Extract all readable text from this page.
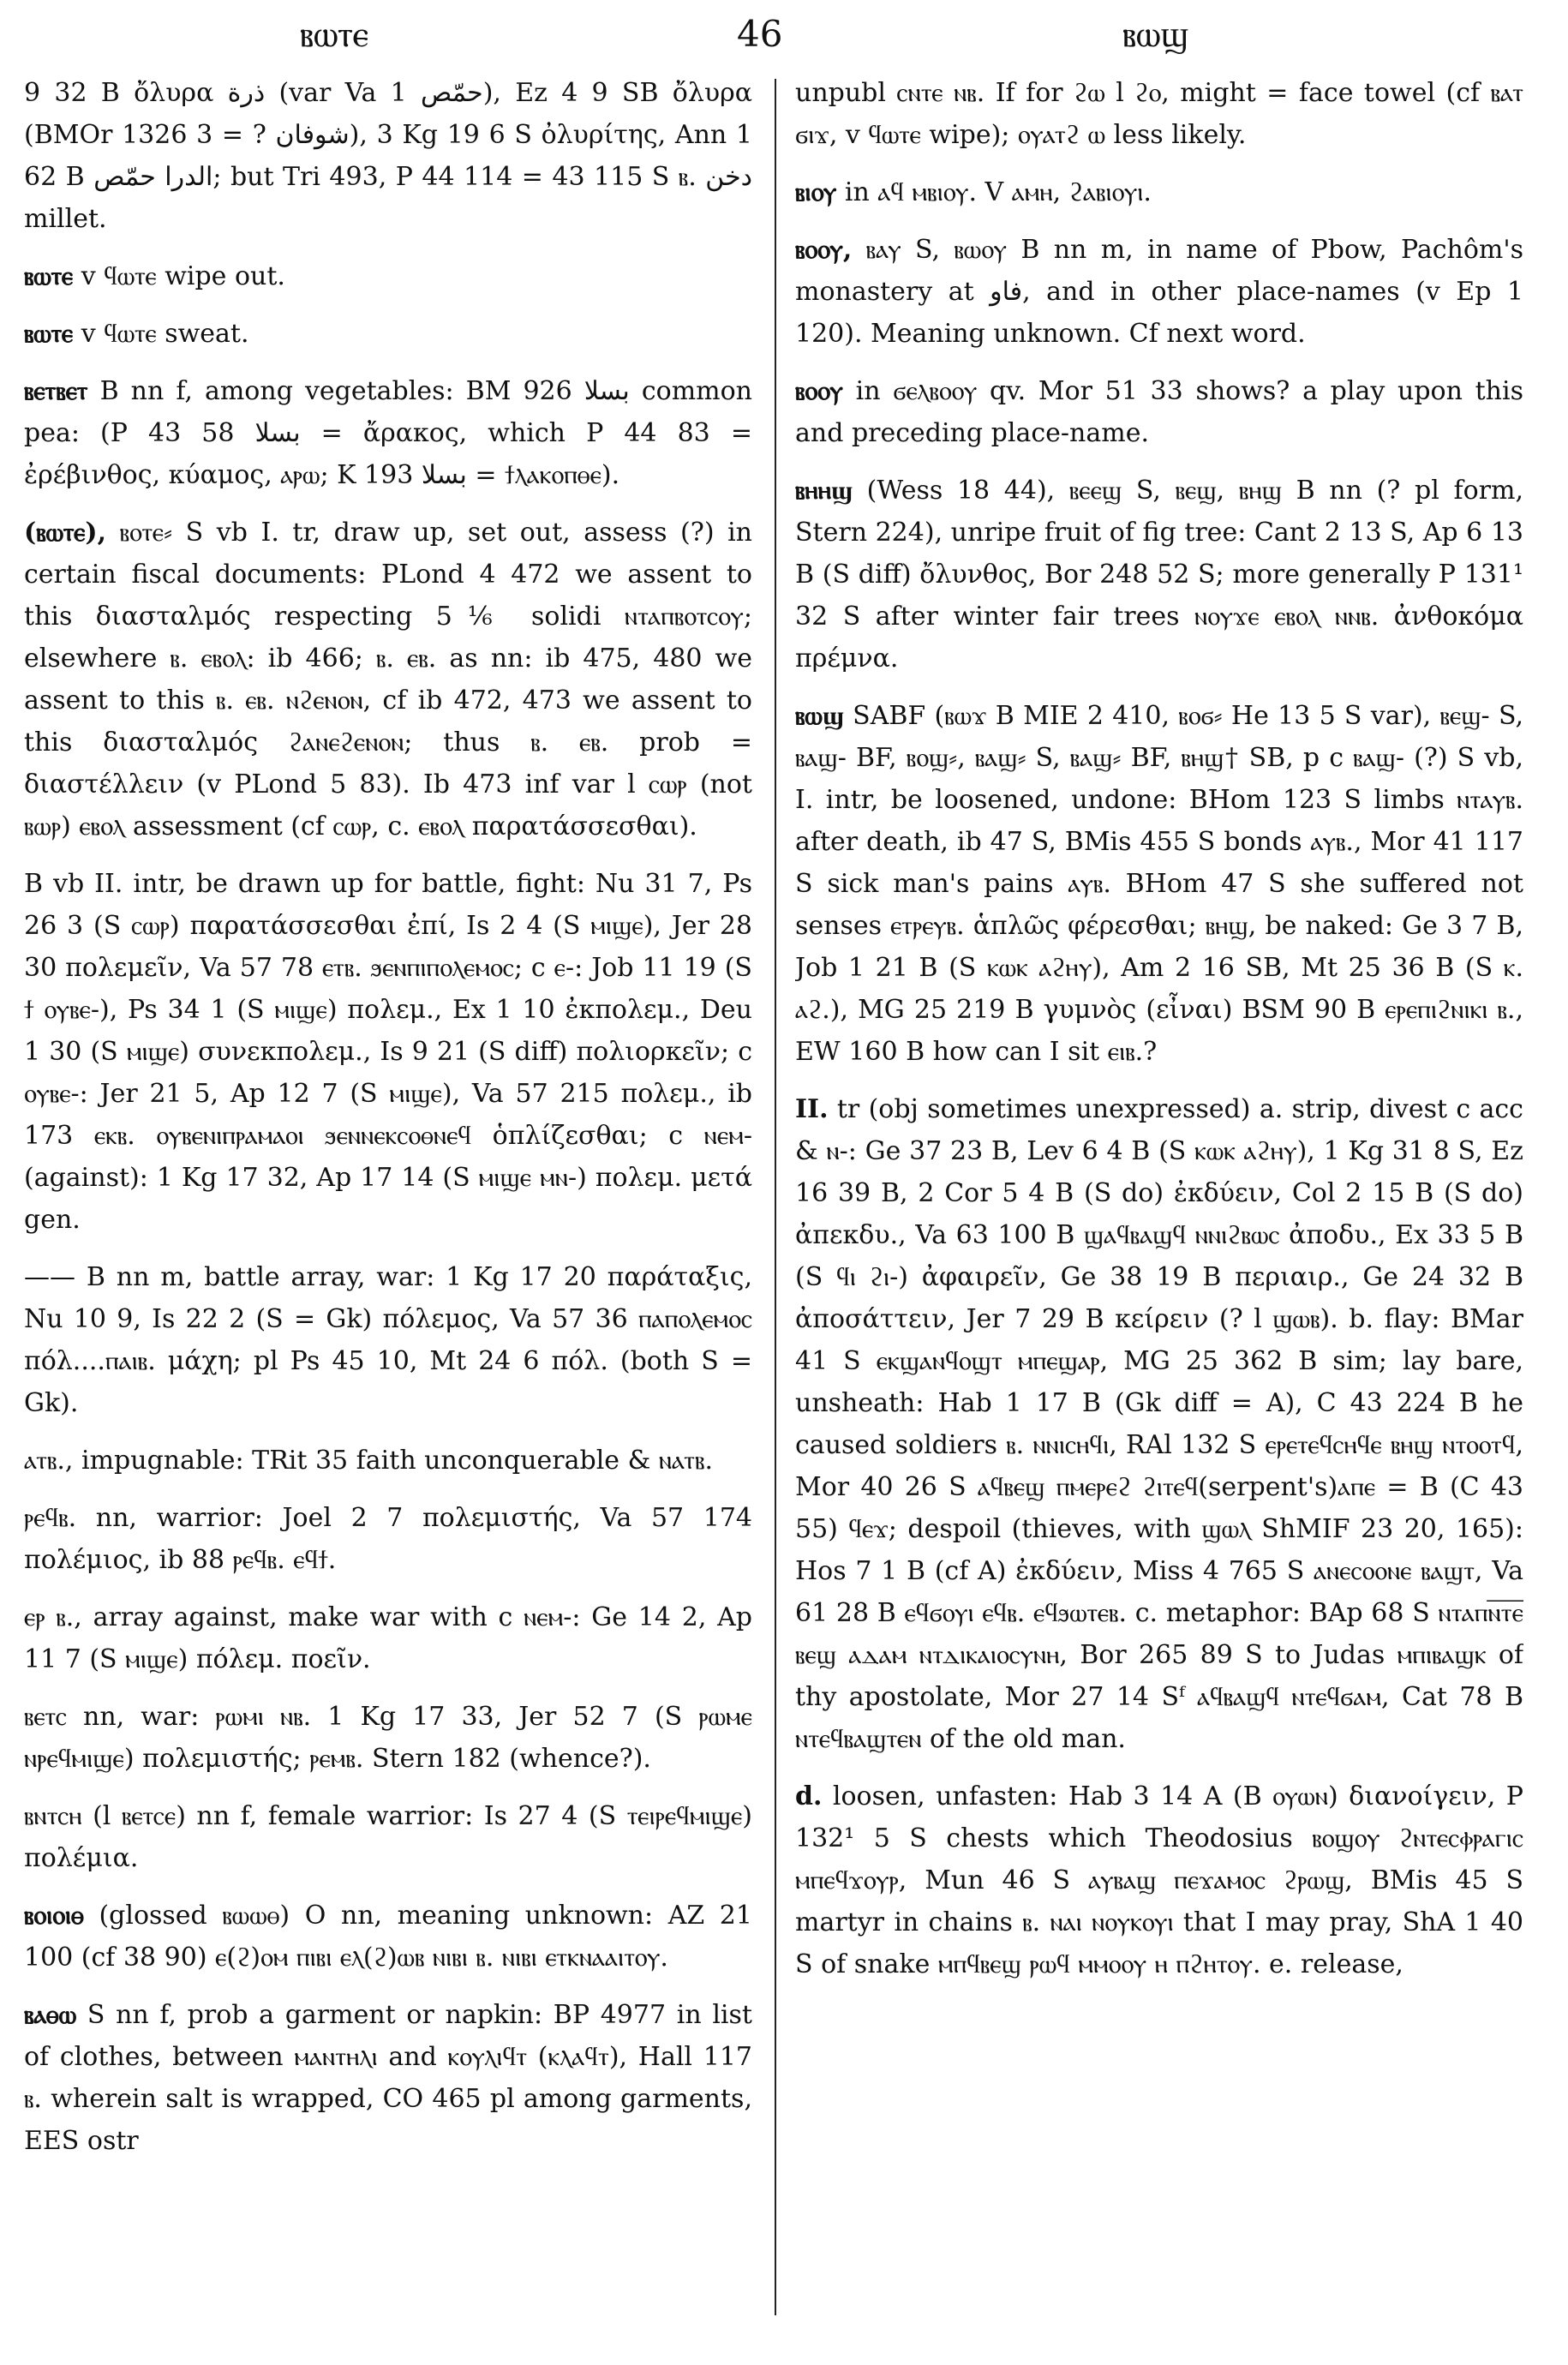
ⲃⲱⲧⲉ	46	ⲃⲱϣ

9 32 B ὄλυρα ذرة (var Va 1 حمّص), Ez 4 9 SB ὄλυρα (BMOr 1326 3 = ? شوفان), 3 Kg 19 6 S ὀλυρίτης, Ann 1 62 B الدرا حمّص; but Tri 493, P 44 114 = 43 115 S ⲃ. دخن millet.

ⲃⲱⲧⲉ v ϥⲱⲧⲉ wipe out.

ⲃⲱⲧⲉ v ϥⲱⲧⲉ sweat.

ⲃⲉⲧⲃⲉⲧ B nn f, among vegetables: BM 926 بسلا common pea: (P 43 58 بسلا = ἄρακος, which P 44 83 = ἐρέβινθος, κύαμος, ⲁⲣⲱ; K 193 بسلا = ϯⲗⲁⲕⲟⲡⲑⲉ).

(ⲃⲱⲧⲉ), ⲃⲟⲧⲉ⸗ S vb I. tr, draw up, set out, assess (?) in certain fiscal documents: PLond 4 472 we assent to this διασταλμός respecting 5⅙ solidi ⲛⲧⲁⲡⲃⲟⲧⲥⲟⲩ; elsewhere ⲃ. ⲉⲃⲟⲗ: ib 466; ⲃ. ⲉⲃ. as nn: ib 475, 480 we assent to this ⲃ. ⲉⲃ. ⲛϩⲉⲛⲟⲛ, cf ib 472, 473 we assent to this διασταλμός ϩⲁⲛⲉϩⲉⲛⲟⲛ; thus ⲃ. ⲉⲃ. prob = διαστέλλειν (v PLond 5 83). Ib 473 inf var l ⲥⲱⲣ (not ⲃⲱⲣ) ⲉⲃⲟⲗ assessment (cf ⲥⲱⲣ, c. ⲉⲃⲟⲗ παρατάσσεσθαι).

B vb II. intr, be drawn up for battle, fight: Nu 31 7, Ps 26 3 (S ⲥⲱⲣ) παρατάσσεσθαι ἐπί, Is 2 4 (S ⲙⲓϣⲉ), Jer 28 30 πολεμεῖν, Va 57 78 ⲉⲧⲃ. ϧⲉⲛⲡⲓⲡⲟⲗⲉⲙⲟⲥ; c ⲉ-: Job 11 19 (S ϯ ⲟⲩⲃⲉ-), Ps 34 1 (S ⲙⲓϣⲉ) πολεμ., Ex 1 10 ἐκπολεμ., Deu 1 30 (S ⲙⲓϣⲉ) συνεκπολεμ., Is 9 21 (S diff) πολιορκεῖν; c ⲟⲩⲃⲉ-: Jer 21 5, Ap 12 7 (S ⲙⲓϣⲉ), Va 57 215 πολεμ., ib 173 ⲉⲕⲃ. ⲟⲩⲃⲉⲛⲓⲡⲣⲁⲙⲁⲟⲓ ϧⲉⲛⲛⲉⲕⲥⲟⲑⲛⲉϥ ὁπλίζεσθαι; c ⲛⲉⲙ- (against): 1 Kg 17 32, Ap 17 14 (S ⲙⲓϣⲉ ⲙⲛ-) πολεμ. μετά gen.

—— B nn m, battle array, war: 1 Kg 17 20 παράταξις, Nu 10 9, Is 22 2 (S = Gk) πόλεμος, Va 57 36 ⲡⲁⲡⲟⲗⲉⲙⲟⲥ πόλ....ⲡⲁⲓⲃ. μάχη; pl Ps 45 10, Mt 24 6 πόλ. (both S = Gk).

ⲁⲧⲃ., impugnable: TRit 35 faith unconquerable & ⲛⲁⲧⲃ.

ⲣⲉϥⲃ. nn, warrior: Joel 2 7 πολεμιστής, Va 57 174 πολέμιος, ib 88 ⲣⲉϥⲃ. ⲉϥϯ.

ⲉⲣ ⲃ., array against, make war with c ⲛⲉⲙ-: Ge 14 2, Ap 11 7 (S ⲙⲓϣⲉ) πόλεμ. ποεῖν.

ⲃⲉⲧⲥ nn, war: ⲣⲱⲙⲓ ⲛⲃ. 1 Kg 17 33, Jer 52 7 (S ⲣⲱⲙⲉ ⲛⲣⲉϥⲙⲓϣⲉ) πολεμιστής; ⲣⲉⲙⲃ. Stern 182 (whence?).

ⲃⲛⲧⲥⲏ (l ⲃⲉⲧⲥⲉ) nn f, female warrior: Is 27 4 (S ⲧⲉⲓⲣⲉϥⲙⲓϣⲉ) πολέμια.

ⲃⲟⲓⲟⲓⲑ (glossed ⲃⲱⲱⲑ) O nn, meaning unknown: AZ 21 100 (cf 38 90) ⲉ(ϩ)ⲟⲙ ⲡⲓⲃⲓ ⲉⲗ(ϩ)ⲱⲃ ⲛⲓⲃⲓ ⲃ. ⲛⲓⲃⲓ ⲉⲧⲕⲛⲁⲁⲓⲧⲟⲩ.

ⲃⲁⲑⲱ S nn f, prob a garment or napkin: BP 4977 in list of clothes, between ⲙⲁⲛⲧⲏⲗⲓ and ⲕⲟⲩⲗⲓϥⲧ (ⲕⲗⲁϥⲧ), Hall 117 ⲃ. wherein salt is wrapped, CO 465 pl among garments, EES ostr

unpubl ⲥⲛⲧⲉ ⲛⲃ. If for ϩⲱ l ϩⲟ, might = face towel (cf ⲃⲁⲧ ϭⲓϫ, v ϥⲱⲧⲉ wipe); ⲟⲩⲁⲧϩ ⲱ less likely.

ⲃⲓⲟⲩ in ⲁϥ ⲙⲃⲓⲟⲩ. V ⲁⲙⲏ, ϩⲁⲃⲓⲟⲩⲓ.

ⲃⲟⲟⲩ, ⲃⲁⲩ S, ⲃⲱⲟⲩ B nn m, in name of Pbow, Pachôm's monastery at فاو, and in other place-names (v Ep 1 120). Meaning unknown. Cf next word.

ⲃⲟⲟⲩ in ϭⲉⲗⲃⲟⲟⲩ qv. Mor 51 33 shows? a play upon this and preceding place-name.

ⲃⲏⲏϣ (Wess 18 44), ⲃⲉⲉϣ S, ⲃⲉϣ, ⲃⲏϣ B nn (? pl form, Stern 224), unripe fruit of fig tree: Cant 2 13 S, Ap 6 13 B (S diff) ὄλυνθος, Bor 248 52 S; more generally P 131¹ 32 S after winter fair trees ⲛⲟⲩϫⲉ ⲉⲃⲟⲗ ⲛⲛⲃ. ἀνθοκόμα πρέμνα.

ⲃⲱϣ SABF (ⲃⲱϫ B MIE 2 410, ⲃⲟϭ⸗ He 13 5 S var), ⲃⲉϣ- S, ⲃⲁϣ- BF, ⲃⲟϣ⸗, ⲃⲁϣ⸗ S, ⲃⲁϣ⸗ BF, ⲃⲏϣ† SB, p c ⲃⲁϣ- (?) S vb, I. intr, be loosened, undone: BHom 123 S limbs ⲛⲧⲁⲩⲃ. after death, ib 47 S, BMis 455 S bonds ⲁⲩⲃ., Mor 41 117 S sick man's pains ⲁⲩⲃ. BHom 47 S she suffered not senses ⲉⲧⲣⲉⲩⲃ. ἁπλῶς φέρεσθαι; ⲃⲏϣ, be naked: Ge 3 7 B, Job 1 21 B (S ⲕⲱⲕ ⲁϩⲏⲩ), Am 2 16 SB, Mt 25 36 B (S ⲕ. ⲁϩ.), MG 25 219 B γυμνὸς (εἶναι) BSM 90 B ⲉⲣⲉⲡⲓϩⲛⲓⲕⲓ ⲃ., EW 160 B how can I sit ⲉⲓⲃ.?

II. tr (obj sometimes unexpressed) a. strip, divest c acc & ⲛ-: Ge 37 23 B, Lev 6 4 B (S ⲕⲱⲕ ⲁϩⲏⲩ), 1 Kg 31 8 S, Ez 16 39 B, 2 Cor 5 4 B (S do) ἐκδύειν, Col 2 15 B (S do) ἀπεκδυ., Va 63 100 B ϣⲁϥⲃⲁϣϥ ⲛⲛⲓϩⲃⲱⲥ ἀποδυ., Ex 33 5 B (S ϥⲓ ϩⲓ-) ἀφαιρεῖν, Ge 38 19 B περιαιρ., Ge 24 32 B ἀποσάττειν, Jer 7 29 B κείρειν (? l ϣⲱⲃ). b. flay: BMar 41 S ⲉⲕϣⲁⲛϥⲟϣⲧ ⲙⲡⲉϣⲁⲣ, MG 25 362 B sim; lay bare, unsheath: Hab 1 17 B (Gk diff = A), C 43 224 B he caused soldiers ⲃ. ⲛⲛⲓⲥⲏϥⲓ, RAl 132 S ⲉⲣⲉⲧⲉϥⲥⲏϥⲉ ⲃⲏϣ ⲛⲧⲟⲟⲧϥ, Mor 40 26 S ⲁϥⲃⲉϣ ⲡⲙⲉⲣⲉϩ ϩⲓⲧⲉϥ(serpent's)ⲁⲡⲉ = B (C 43 55) ϥⲉϫ; despoil (thieves, with ϣⲱⲗ ShMIF 23 20, 165): Hos 7 1 B (cf A) ἐκδύειν, Miss 4 765 S ⲁⲛⲉⲥⲟⲟⲛⲉ ⲃⲁϣⲧ, Va 61 28 B ⲉϥϭⲟⲩⲓ ⲉϥⲃ. ⲉϥϧⲱⲧⲉⲃ. c. metaphor: BAp 68 S ⲛⲧⲁⲡⲛ̅ⲧ̅ⲉ̅ ⲃⲉϣ ⲁⲇⲁⲙ ⲛⲧⲇⲓⲕⲁⲓⲟⲥⲩⲛⲏ, Bor 265 89 S to Judas ⲙⲡⲓⲃⲁϣⲕ of thy apostolate, Mor 27 14 Sᶠ ⲁϥⲃⲁϣϥ ⲛⲧⲉϥϭⲁⲙ, Cat 78 B ⲛⲧⲉϥⲃⲁϣⲧⲉⲛ of the old man.

d. loosen, unfasten: Hab 3 14 A (B ⲟⲩⲱⲛ) διανοίγειν, P 132¹ 5 S chests which Theodosius ⲃⲟϣⲟⲩ ϩⲛⲧⲉⲥⲫⲣⲁⲅⲓⲥ ⲙⲡⲉϥϫⲟⲩⲣ, Mun 46 S ⲁⲩⲃⲁϣ ⲡⲉϫⲁⲙⲟⲥ ϩⲣⲱϣ, BMis 45 S martyr in chains ⲃ. ⲛⲁⲓ ⲛⲟⲩⲕⲟⲩⲓ that I may pray, ShA 1 40 S of snake ⲙⲡϥⲃⲉϣ ⲣⲱϥ ⲙⲙⲟⲟⲩ ⲏ ⲡϩⲏⲧⲟⲩ. e. release,
